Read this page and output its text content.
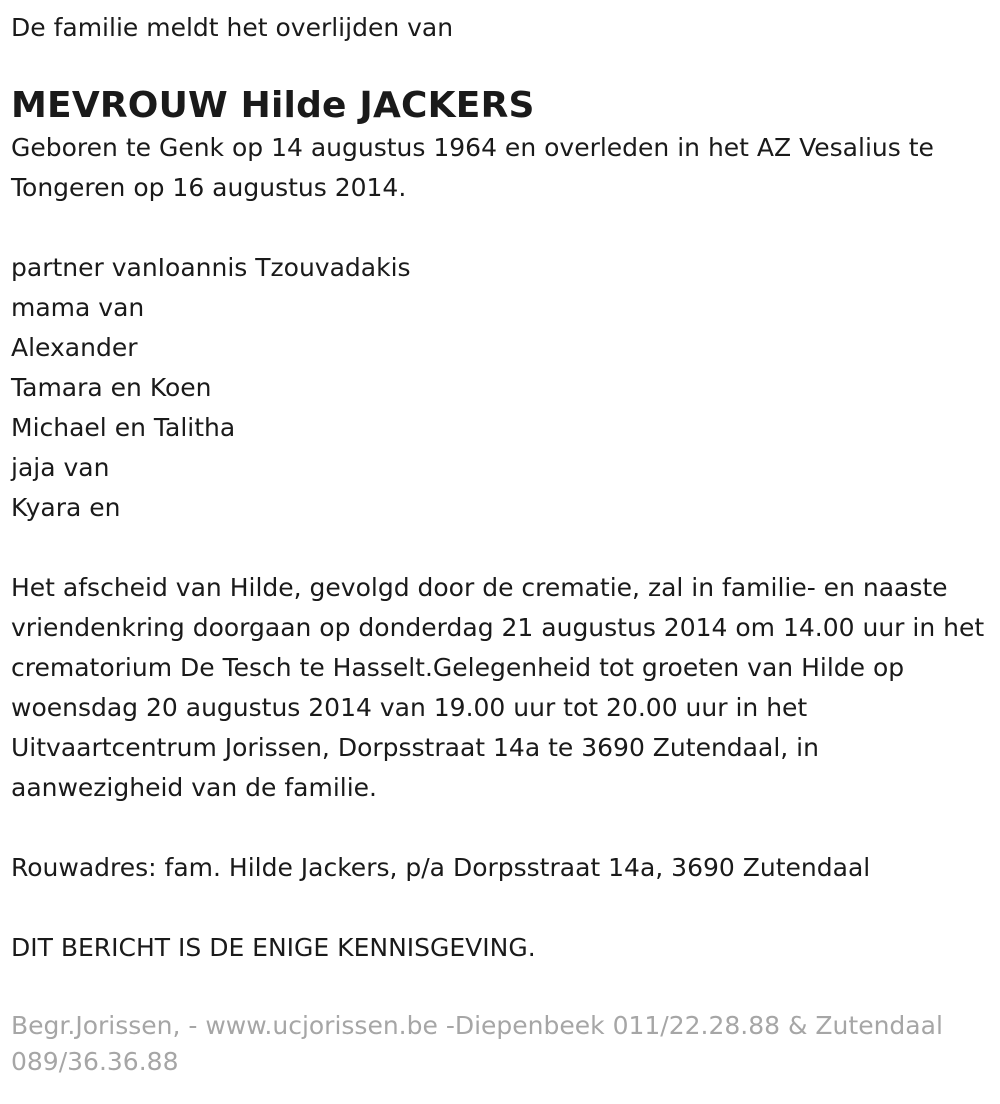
De familie meldt het overlijden van

MEVROUW Hilde JACKERS

Geboren te Genk op 14 augustus 1964 en overleden in het AZ Vesalius te Tongeren op 16 augustus 2014.

partner vanIoannis Tzouvadakis
mama van
Alexander
Tamara en Koen
Michael en Talitha
jaja van
Kyara en

Het afscheid van Hilde, gevolgd door de crematie, zal in familie- en naaste vriendenkring doorgaan op donderdag 21 augustus 2014 om 14.00 uur in het crematorium De Tesch te Hasselt.Gelegenheid tot groeten van Hilde op woensdag 20 augustus 2014 van 19.00 uur tot 20.00 uur in het Uitvaartcentrum Jorissen, Dorpsstraat 14a te 3690 Zutendaal, in aanwezigheid van de familie.

Rouwadres: fam. Hilde Jackers, p/a Dorpsstraat 14a, 3690 Zutendaal

DIT BERICHT IS DE ENIGE KENNISGEVING.

Begr.Jorissen, - www.ucjorissen.be -Diepenbeek 011/22.28.88 & Zutendaal 089/36.36.88
